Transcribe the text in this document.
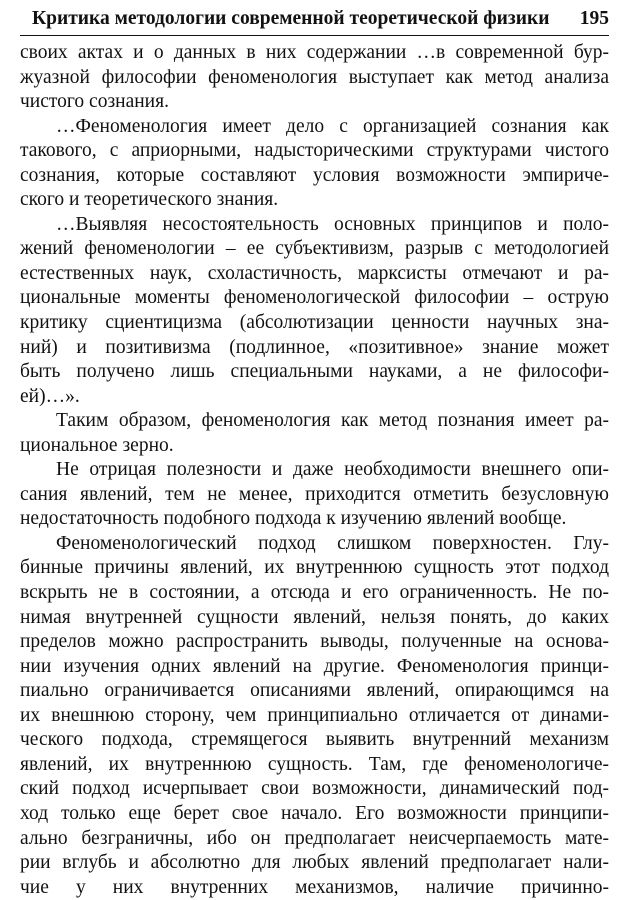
Критика методологии современной теоретической физики 195
своих актах и о данных в них содержании …в современной бур-
жуазной философии феноменология выступает как метод анализа
чистого сознания.
…Феноменология имеет дело с организацией сознания как
такового, с априорными, надысторическими структурами чистого
сознания, которые составляют условия возможности эмпириче-
ского и теоретического знания.
…Выявляя несостоятельность основных принципов и поло-
жений феноменологии – ее субъективизм, разрыв с методологией
естественных наук, схоластичность, марксисты отмечают и ра-
циональные моменты феноменологической философии – острую
критику сциентицизма (абсолютизации ценности научных зна-
ний) и позитивизма (подлинное, «позитивное» знание может
быть получено лишь специальными науками, а не философи-
ей)…».
Таким образом, феноменология как метод познания имеет ра-
циональное зерно.
Не отрицая полезности и даже необходимости внешнего опи-
сания явлений, тем не менее, приходится отметить безусловную
недостаточность подобного подхода к изучению явлений вообще.
Феноменологический подход слишком поверхностен. Глу-
бинные причины явлений, их внутреннюю сущность этот подход
вскрыть не в состоянии, а отсюда и его ограниченность. Не по-
нимая внутренней сущности явлений, нельзя понять, до каких
пределов можно распространить выводы, полученные на основа-
нии изучения одних явлений на другие. Феноменология принци-
пиально ограничивается описаниями явлений, опирающимся на
их внешнюю сторону, чем принципиально отличается от динами-
ческого подхода, стремящегося выявить внутренний механизм
явлений, их внутреннюю сущность. Там, где феноменологиче-
ский подход исчерпывает свои возможности, динамический под-
ход только еще берет свое начало. Его возможности принципи-
ально безграничны, ибо он предполагает неисчерпаемость мате-
рии вглубь и абсолютно для любых явлений предполагает нали-
чие у них внутренних механизмов, наличие причинно-
